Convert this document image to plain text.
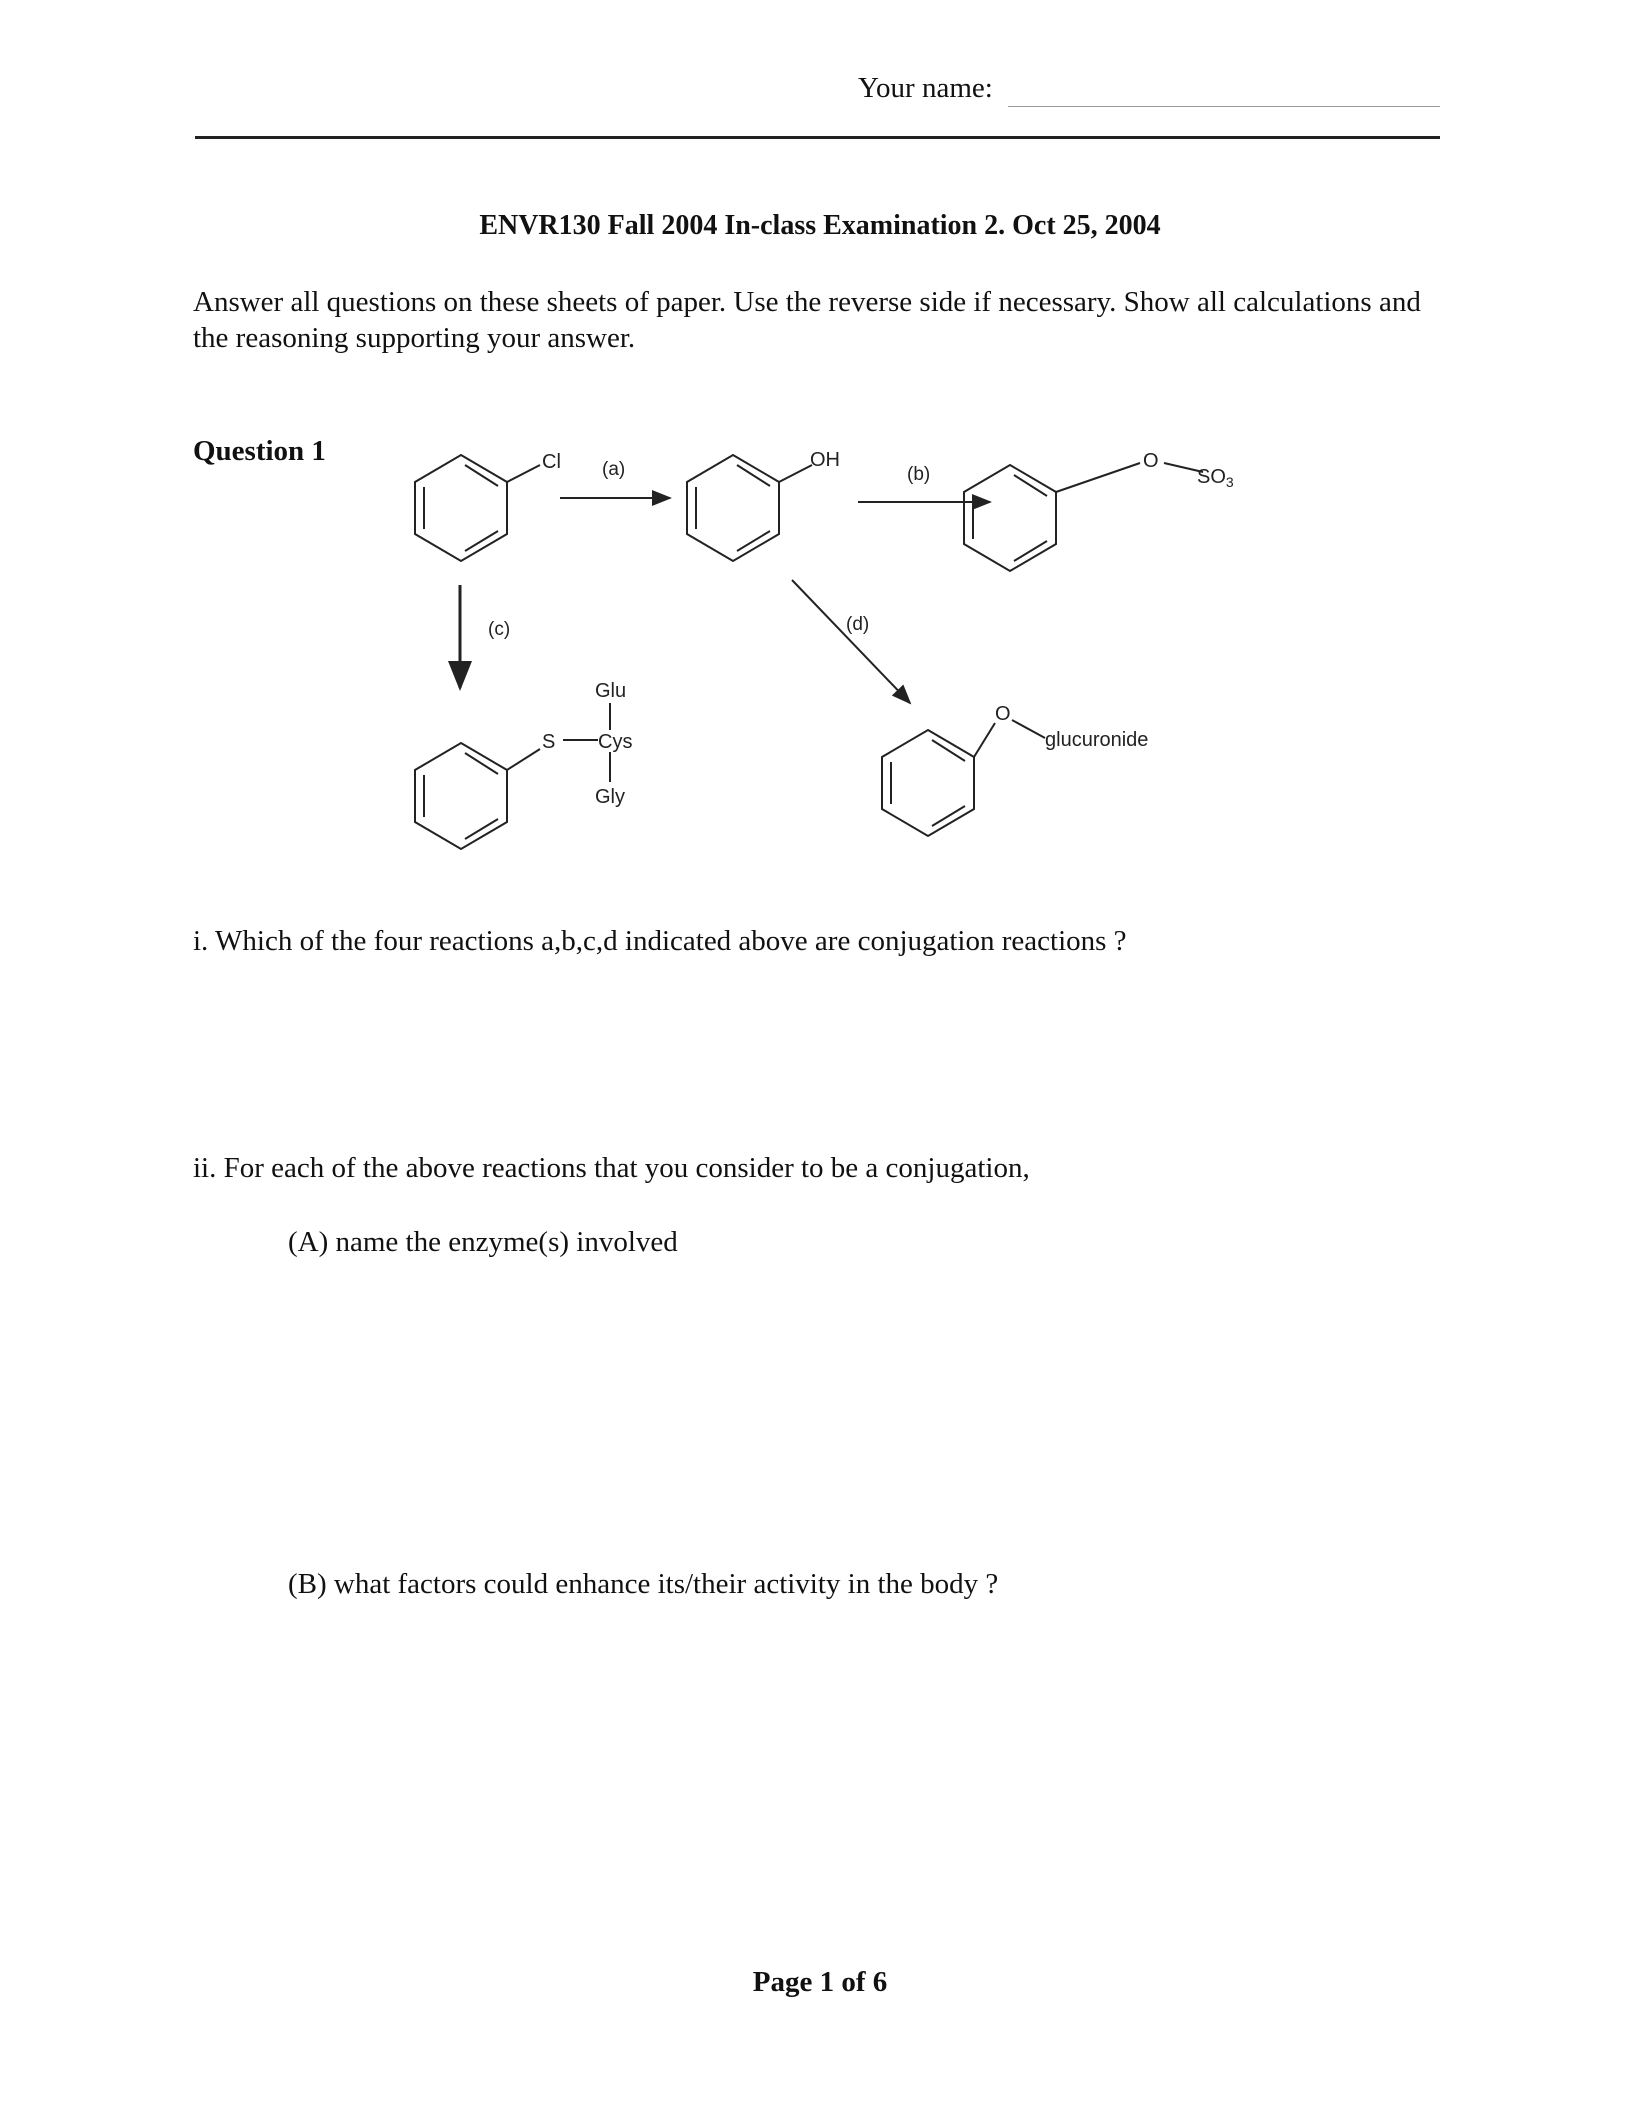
Your name:
ENVR130 Fall 2004 In-class Examination 2. Oct 25, 2004
Answer all questions on these sheets of paper. Use the reverse side if necessary. Show all calculations and the reasoning supporting your answer.
Question 1	Cl	OH	O
$SO_3$
S
Glu
Cys
Gly
O
glucuronide
(a)	(b)
(c)	(d)
i. Which of the four reactions a,b,c,d indicated above are conjugation reactions ?
ii. For each of the above reactions that you consider to be a conjugation,
(A) name the enzyme(s) involved
(B) what factors could enhance its/their activity in the body ?
Page 1 of 6
